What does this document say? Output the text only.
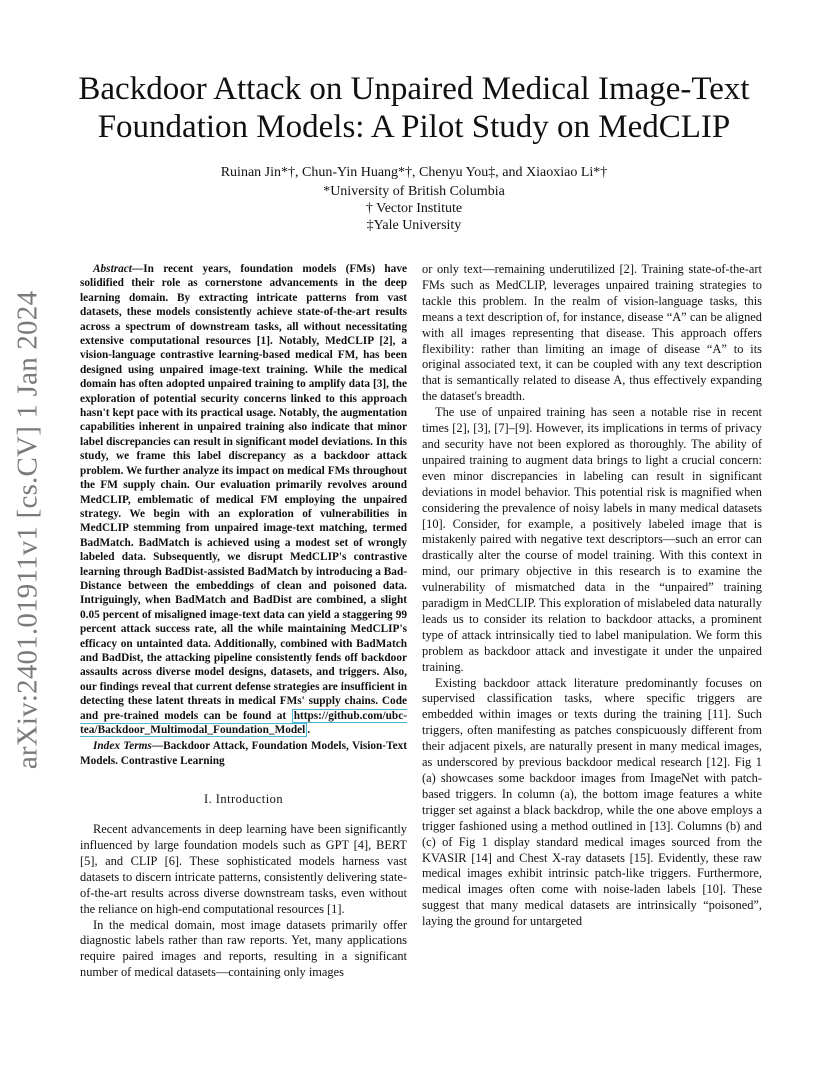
arXiv:2401.01911v1 [cs.CV] 1 Jan 2024
Backdoor Attack on Unpaired Medical Image-Text
Foundation Models: A Pilot Study on MedCLIP
Ruinan Jin*†, Chun-Yin Huang*†, Chenyu You‡, and Xiaoxiao Li*†
*University of British Columbia
† Vector Institute
‡Yale University

Abstract—In recent years, foundation models (FMs) have solidified their role as cornerstone advancements in the deep learning domain. By extracting intricate patterns from vast datasets, these models consistently achieve state-of-the-art results across a spectrum of downstream tasks, all without necessitating extensive computational resources [1]. Notably, MedCLIP [2], a vision-language contrastive learning-based medical FM, has been designed using unpaired image-text training. While the medical domain has often adopted unpaired training to amplify data [3], the exploration of potential security concerns linked to this approach hasn't kept pace with its practical usage. Notably, the augmentation capabilities inherent in unpaired training also indicate that minor label discrepancies can result in significant model deviations. In this study, we frame this label discrepancy as a backdoor attack problem. We further analyze its impact on medical FMs throughout the FM supply chain. Our evaluation primarily revolves around MedCLIP, emblematic of medical FM employing the unpaired strategy. We begin with an exploration of vulnerabilities in MedCLIP stemming from unpaired image-text matching, termed BadMatch. BadMatch is achieved using a modest set of wrongly labeled data. Subsequently, we disrupt MedCLIP's contrastive learning through BadDist-assisted BadMatch by introducing a Bad-Distance between the embeddings of clean and poisoned data. Intriguingly, when BadMatch and BadDist are combined, a slight 0.05 percent of misaligned image-text data can yield a staggering 99 percent attack success rate, all the while maintaining MedCLIP's efficacy on untainted data. Additionally, combined with BadMatch and BadDist, the attacking pipeline consistently fends off backdoor assaults across diverse model designs, datasets, and triggers. Also, our findings reveal that current defense strategies are insufficient in detecting these latent threats in medical FMs' supply chains. Code and pre-trained models can be found at https://github.com/ubc-tea/Backdoor_Multimodal_Foundation_Model .

Index Terms—Backdoor Attack, Foundation Models, Vision-Text Models. Contrastive Learning

I. Introduction

Recent advancements in deep learning have been significantly influenced by large foundation models such as GPT [4], BERT [5], and CLIP [6]. These sophisticated models harness vast datasets to discern intricate patterns, consistently delivering state-of-the-art results across diverse downstream tasks, even without the reliance on high-end computational resources [1].

In the medical domain, most image datasets primarily offer diagnostic labels rather than raw reports. Yet, many applications require paired images and reports, resulting in a significant number of medical datasets—containing only images

or only text—remaining underutilized [2]. Training state-of-the-art FMs such as MedCLIP, leverages unpaired training strategies to tackle this problem. In the realm of vision-language tasks, this means a text description of, for instance, disease “A” can be aligned with all images representing that disease. This approach offers flexibility: rather than limiting an image of disease “A” to its original associated text, it can be coupled with any text description that is semantically related to disease A, thus effectively expanding the dataset's breadth.

The use of unpaired training has seen a notable rise in recent times [2], [3], [7]–[9]. However, its implications in terms of privacy and security have not been explored as thoroughly. The ability of unpaired training to augment data brings to light a crucial concern: even minor discrepancies in labeling can result in significant deviations in model behavior. This potential risk is magnified when considering the prevalence of noisy labels in many medical datasets [10]. Consider, for example, a positively labeled image that is mistakenly paired with negative text descriptors—such an error can drastically alter the course of model training. With this context in mind, our primary objective in this research is to examine the vulnerability of mismatched data in the “unpaired” training paradigm in MedCLIP. This exploration of mislabeled data naturally leads us to consider its relation to backdoor attacks, a prominent type of attack intrinsically tied to label manipulation. We form this problem as backdoor attack and investigate it under the unpaired training.

Existing backdoor attack literature predominantly focuses on supervised classification tasks, where specific triggers are embedded within images or texts during the training [11]. Such triggers, often manifesting as patches conspicuously different from their adjacent pixels, are naturally present in many medical images, as underscored by previous backdoor medical research [12]. Fig 1 (a) showcases some backdoor images from ImageNet with patch-based triggers. In column (a), the bottom image features a white trigger set against a black backdrop, while the one above employs a trigger fashioned using a method outlined in [13]. Columns (b) and (c) of Fig 1 display standard medical images sourced from the KVASIR [14] and Chest X-ray datasets [15]. Evidently, these raw medical images exhibit intrinsic patch-like triggers. Furthermore, medical images often come with noise-laden labels [10]. These suggest that many medical datasets are intrinsically “poisoned”, laying the ground for untargeted
